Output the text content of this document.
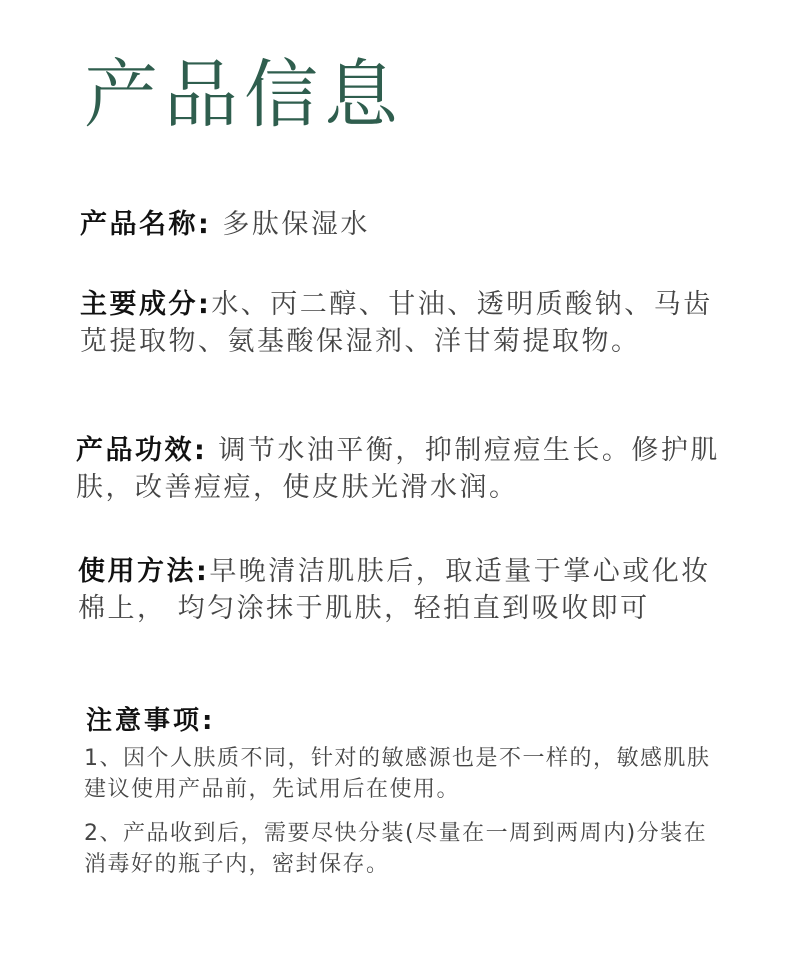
产品信息
产品名称: 多肽保湿水
主要成分:水、丙二醇、甘油、透明质酸钠、马齿苋提取物、氨基酸保湿剂、洋甘菊提取物。
产品功效: 调节水油平衡，抑制痘痘生长。修护肌肤，改善痘痘，使皮肤光滑水润。
使用方法:早晚清洁肌肤后，取适量于掌心或化妆棉上， 均匀涂抹于肌肤，轻拍直到吸收即可
注意事项:
1、因个人肤质不同，针对的敏感源也是不一样的，敏感肌肤建议使用产品前，先试用后在使用。
2、产品收到后，需要尽快分装(尽量在一周到两周内)分装在消毒好的瓶子内，密封保存。
